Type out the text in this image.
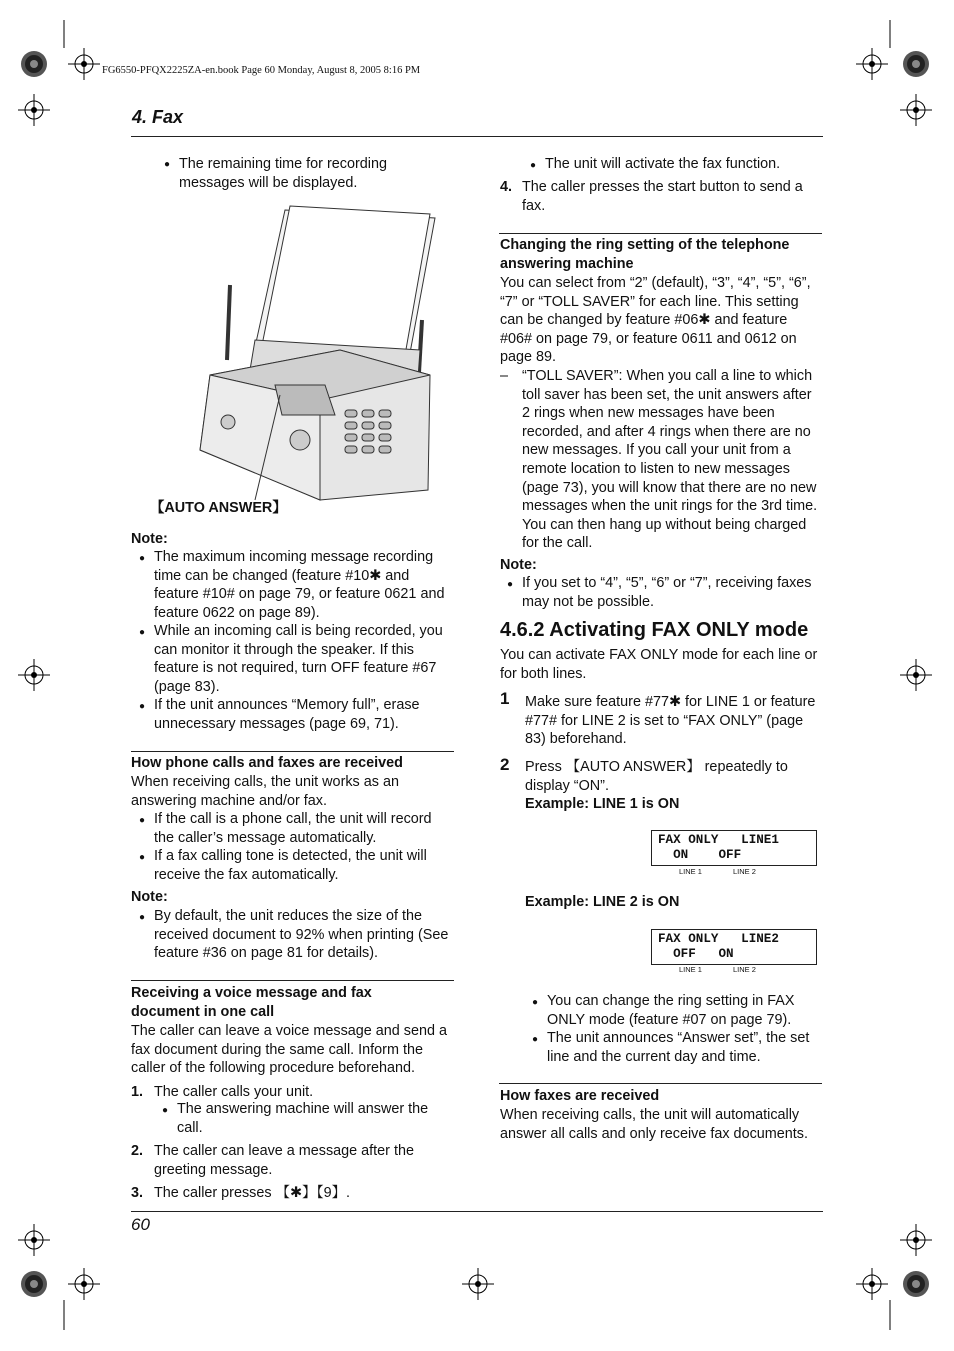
FG6550-PFQX2225ZA-en.book Page 60 Monday, August 8, 2005 8:16 PM
4. Fax
● The remaining time for recording messages will be displayed.
【AUTO ANSWER】
Note:
● The maximum incoming message recording time can be changed (feature #10✱ and feature #10# on page 79, or feature 0621 and feature 0622 on page 89).
● While an incoming call is being recorded, you can monitor it through the speaker. If this feature is not required, turn OFF feature #67 (page 83).
● If the unit announces “Memory full”, erase unnecessary messages (page 69, 71).
How phone calls and faxes are received
When receiving calls, the unit works as an answering machine and/or fax.
● If the call is a phone call, the unit will record the caller’s message automatically.
● If a fax calling tone is detected, the unit will receive the fax automatically.
Note:
● By default, the unit reduces the size of the received document to 92% when printing (See feature #36 on page 81 for details).
Receiving a voice message and fax document in one call
The caller can leave a voice message and send a fax document during the same call. Inform the caller of the following procedure beforehand.
1. The caller calls your unit.
● The answering machine will answer the call.
2. The caller can leave a message after the greeting message.
3. The caller presses 【✱】【9】.
● The unit will activate the fax function.
4. The caller presses the start button to send a fax.
Changing the ring setting of the telephone answering machine
You can select from “2” (default), “3”, “4”, “5”, “6”, “7” or “TOLL SAVER” for each line. This setting can be changed by feature #06✱ and feature #06# on page 79, or feature 0611 and 0612 on page 89.
– “TOLL SAVER”: When you call a line to which toll saver has been set, the unit answers after 2 rings when new messages have been recorded, and after 4 rings when there are no new messages. If you call your unit from a remote location to listen to new messages (page 73), you will know that there are no new messages when the unit rings for the 3rd time. You can then hang up without being charged for the call.
Note:
● If you set to “4”, “5”, “6” or “7”, receiving faxes may not be possible.
4.6.2 Activating FAX ONLY mode
You can activate FAX ONLY mode for each line or for both lines.
1 Make sure feature #77✱ for LINE 1 or feature #77# for LINE 2 is set to “FAX ONLY” (page 83) beforehand.
2 Press 【AUTO ANSWER】 repeatedly to display “ON”.
Example: LINE 1 is ON
FAX ONLY   LINE1
ON    OFF
LINE 1	LINE 2
Example: LINE 2 is ON
FAX ONLY   LINE2
OFF   ON
LINE 1	LINE 2
● You can change the ring setting in FAX ONLY mode (feature #07 on page 79).
● The unit announces “Answer set”, the set line and the current day and time.
How faxes are received
When receiving calls, the unit will automatically answer all calls and only receive fax documents.
60
